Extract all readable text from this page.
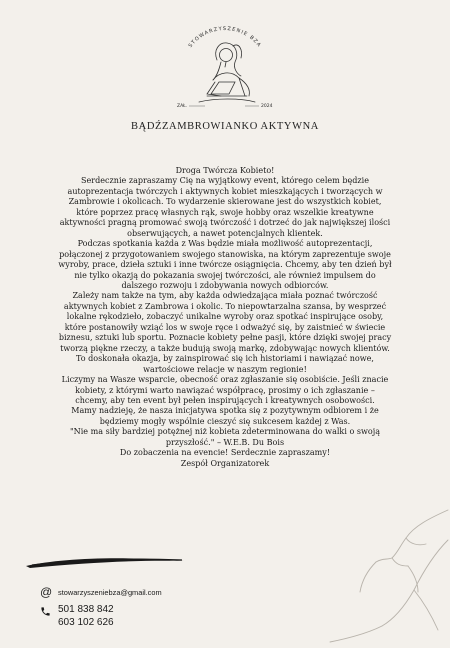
STOWARZYSZENIE BZA
ZAŁ.	2024
BĄDŹZAMBROWIANKO AKTYWNA

Droga Twórcza Kobieto!

Serdecznie zapraszamy Cię na wyjątkowy event, którego celem będzie autoprezentacja twórczych i aktywnych kobiet mieszkających i tworzących w Zambrowie i okolicach. To wydarzenie skierowane jest do wszystkich kobiet, które poprzez pracę własnych rąk, swoje hobby oraz wszelkie kreatywne aktywności pragną promować swoją twórczość i dotrzeć do jak największej ilości obserwujących, a nawet potencjalnych klientek.

Podczas spotkania każda z Was będzie miała możliwość autoprezentacji, połączonej z przygotowaniem swojego stanowiska, na którym zaprezentuje swoje wyroby, prace, dzieła sztuki i inne twórcze osiągnięcia. Chcemy, aby ten dzień był nie tylko okazją do pokazania swojej twórczości, ale również impulsem do dalszego rozwoju i zdobywania nowych odbiorców.

Zależy nam także na tym, aby każda odwiedzająca miała poznać twórczość aktywnych kobiet z Zambrowa i okolic. To niepowtarzalna szansa, by wesprzeć lokalne rękodzieło, zobaczyć unikalne wyroby oraz spotkać inspirujące osoby, które postanowiły wziąć los w swoje ręce i odważyć się, by zaistnieć w świecie biznesu, sztuki lub sportu. Poznacie kobiety pełne pasji, które dzięki swojej pracy tworzą piękne rzeczy, a także budują swoją markę, zdobywając nowych klientów. To doskonała okazja, by zainspirować się ich historiami i nawiązać nowe, wartościowe relacje w naszym regionie!

Liczymy na Wasze wsparcie, obecność oraz zgłaszanie się osobiście. Jeśli znacie kobiety, z którymi warto nawiązać współpracę, prosimy o ich zgłaszanie – chcemy, aby ten event był pełen inspirujących i kreatywnych osobowości.

Mamy nadzieję, że nasza inicjatywa spotka się z pozytywnym odbiorem i że będziemy mogły wspólnie cieszyć się sukcesem każdej z Was.

"Nie ma siły bardziej potężnej niż kobieta zdeterminowana do walki o swoją przyszłość." – W.E.B. Du Bois

Do zobaczenia na evencie! Serdecznie zapraszamy!

Zespół Organizatorek

@ stowarzyszeniebza@gmail.com
501 838 842
603 102 626
